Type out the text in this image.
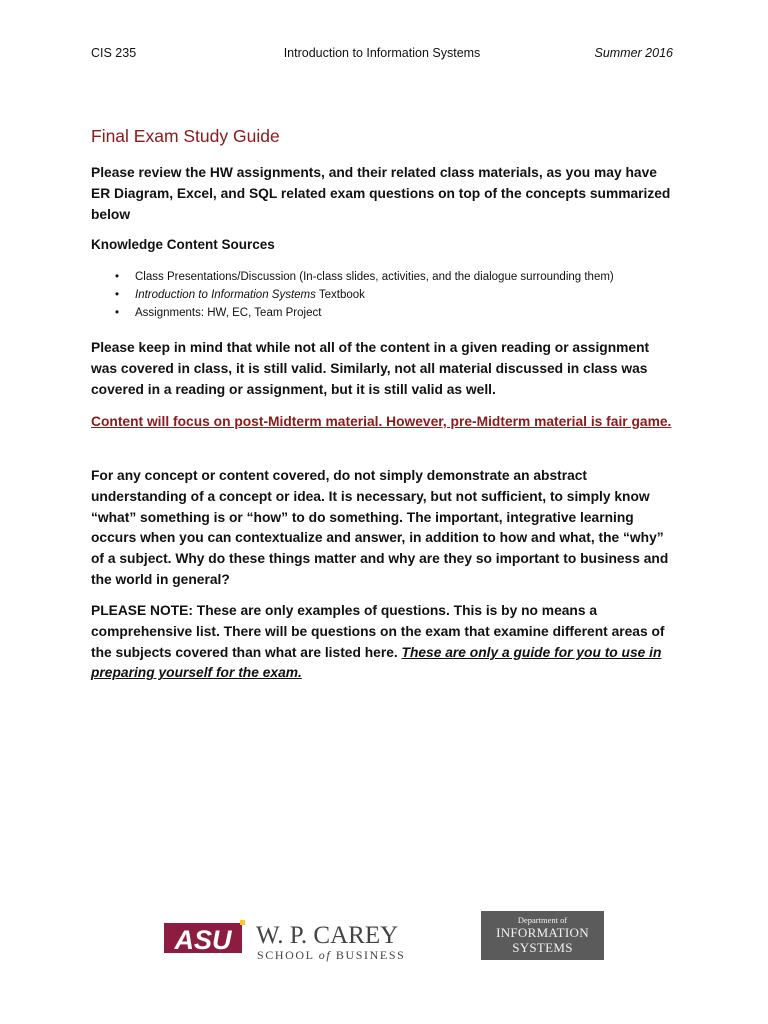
CIS 235	Introduction to Information Systems	Summer 2016
Final Exam Study Guide
Please review the HW assignments, and their related class materials, as you may have ER Diagram, Excel, and SQL related exam questions on top of the concepts summarized below
Knowledge Content Sources
• Class Presentations/Discussion (In-class slides, activities, and the dialogue surrounding them)
• Introduction to Information Systems Textbook
• Assignments: HW, EC, Team Project
Please keep in mind that while not all of the content in a given reading or assignment was covered in class, it is still valid. Similarly, not all material discussed in class was covered in a reading or assignment, but it is still valid as well.
Content will focus on post-Midterm material. However, pre-Midterm material is fair game.
For any concept or content covered, do not simply demonstrate an abstract understanding of a concept or idea. It is necessary, but not sufficient, to simply know “what” something is or “how” to do something. The important, integrative learning occurs when you can contextualize and answer, in addition to how and what, the “why” of a subject. Why do these things matter and why are they so important to business and the world in general?
PLEASE NOTE: These are only examples of questions. This is by no means a comprehensive list. There will be questions on the exam that examine different areas of the subjects covered than what are listed here. These are only a guide for you to use in preparing yourself for the exam.
ASU W. P. CAREY
SCHOOL of BUSINESS
Department of
INFORMATION
SYSTEMS
